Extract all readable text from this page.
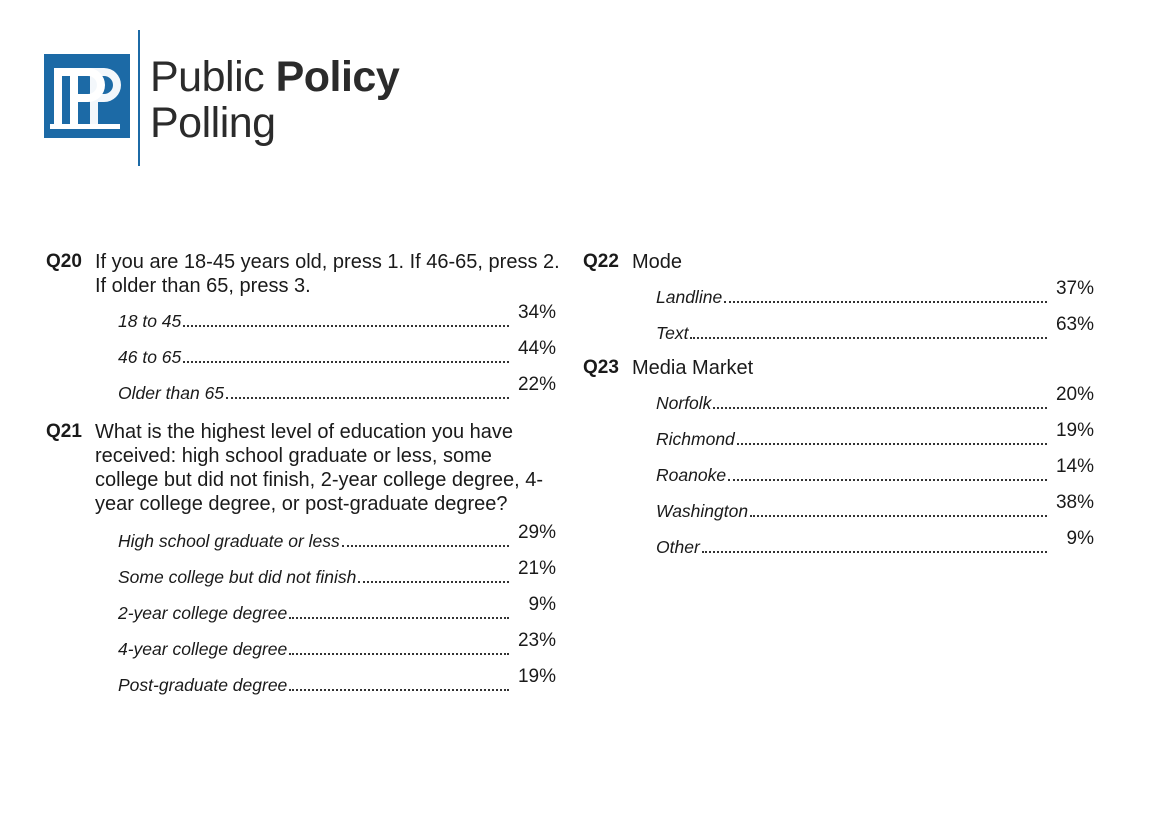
Public Policy
Polling
Q20 If you are 18-45 years old, press 1. If 46-65, press 2. If older than 65, press 3.
18 to 45	34%
46 to 65	44%
Older than 65	22%
Q21 What is the highest level of education you have received: high school graduate or less, some college but did not finish, 2-year college degree, 4-year college degree, or post-graduate degree?
High school graduate or less	29%
Some college but did not finish	21%
2-year college degree	9%
4-year college degree	23%
Post-graduate degree	19%
Q22 Mode
Landline	37%
Text	63%
Q23 Media Market
Norfolk	20%
Richmond	19%
Roanoke	14%
Washington	38%
Other	9%
